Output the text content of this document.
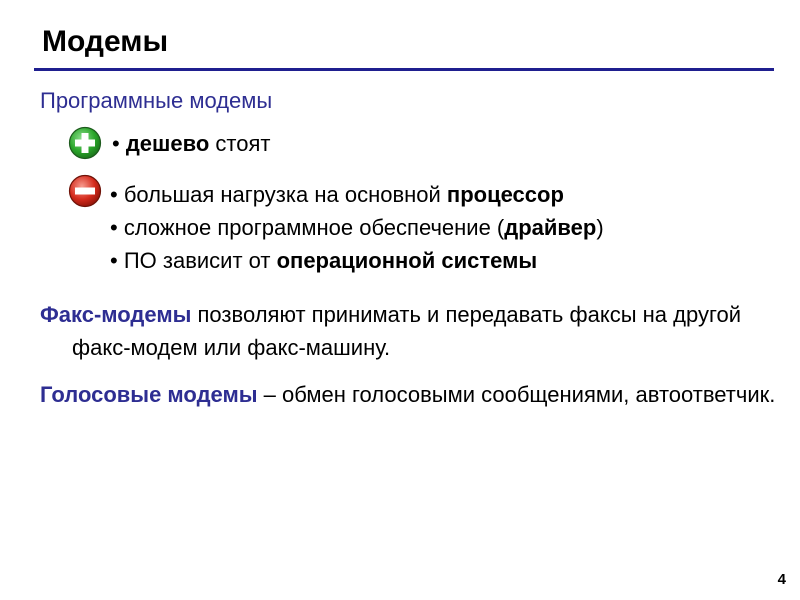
Модемы
Программные модемы
• дешево стоят
• большая нагрузка на основной процессор
• сложное программное обеспечение (драйвер)
• ПО зависит от операционной системы
Факс-модемы позволяют принимать и передавать факсы на другой факс-модем или факс-машину.
Голосовые модемы – обмен голосовыми сообщениями, автоответчик.
4
